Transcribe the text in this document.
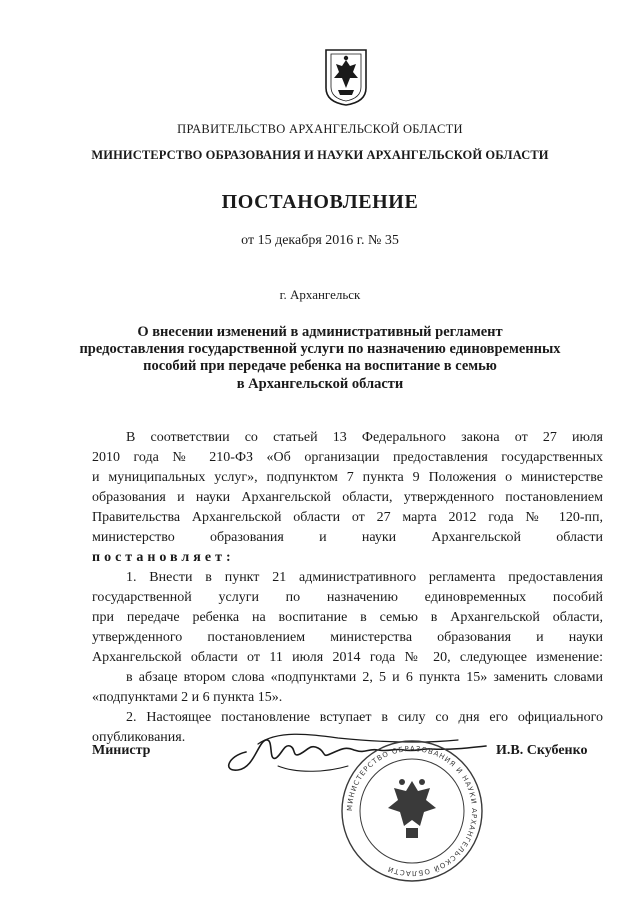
ПРАВИТЕЛЬСТВО АРХАНГЕЛЬСКОЙ ОБЛАСТИ
МИНИСТЕРСТВО ОБРАЗОВАНИЯ И НАУКИ АРХАНГЕЛЬСКОЙ ОБЛАСТИ
ПОСТАНОВЛЕНИЕ
от 15 декабря 2016 г. № 35
г. Архангельск
О внесении изменений в административный регламент
предоставления государственной услуги по назначению единовременных
пособий при передаче ребенка на воспитание в семью
в Архангельской области
В соответствии со статьей 13 Федерального закона от 27 июля
2010 года № 210-ФЗ «Об организации предоставления государственных
и муниципальных услуг», подпунктом 7 пункта 9 Положения о министерстве
образования и науки Архангельской области, утвержденного постановлением
Правительства Архангельской области от 27 марта 2012 года № 120-пп,
министерство образования и науки Архангельской области
постановляет:
1. Внести в пункт 21 административного регламента предоставления
государственной услуги по назначению единовременных пособий
при передаче ребенка на воспитание в семью в Архангельской области,
утвержденного постановлением министерства образования и науки
Архангельской области от 11 июля 2014 года № 20, следующее изменение:
в абзаце втором слова «подпунктами 2, 5 и 6 пункта 15» заменить словами
«подпунктами 2 и 6 пункта 15».
2. Настоящее постановление вступает в силу со дня его официального
опубликования.
Министр	И.В. Скубенко
МИНИСТЕРСТВО ОБРАЗОВАНИЯ И НАУКИ АРХАНГЕЛЬСКОЙ ОБЛАСТИ
